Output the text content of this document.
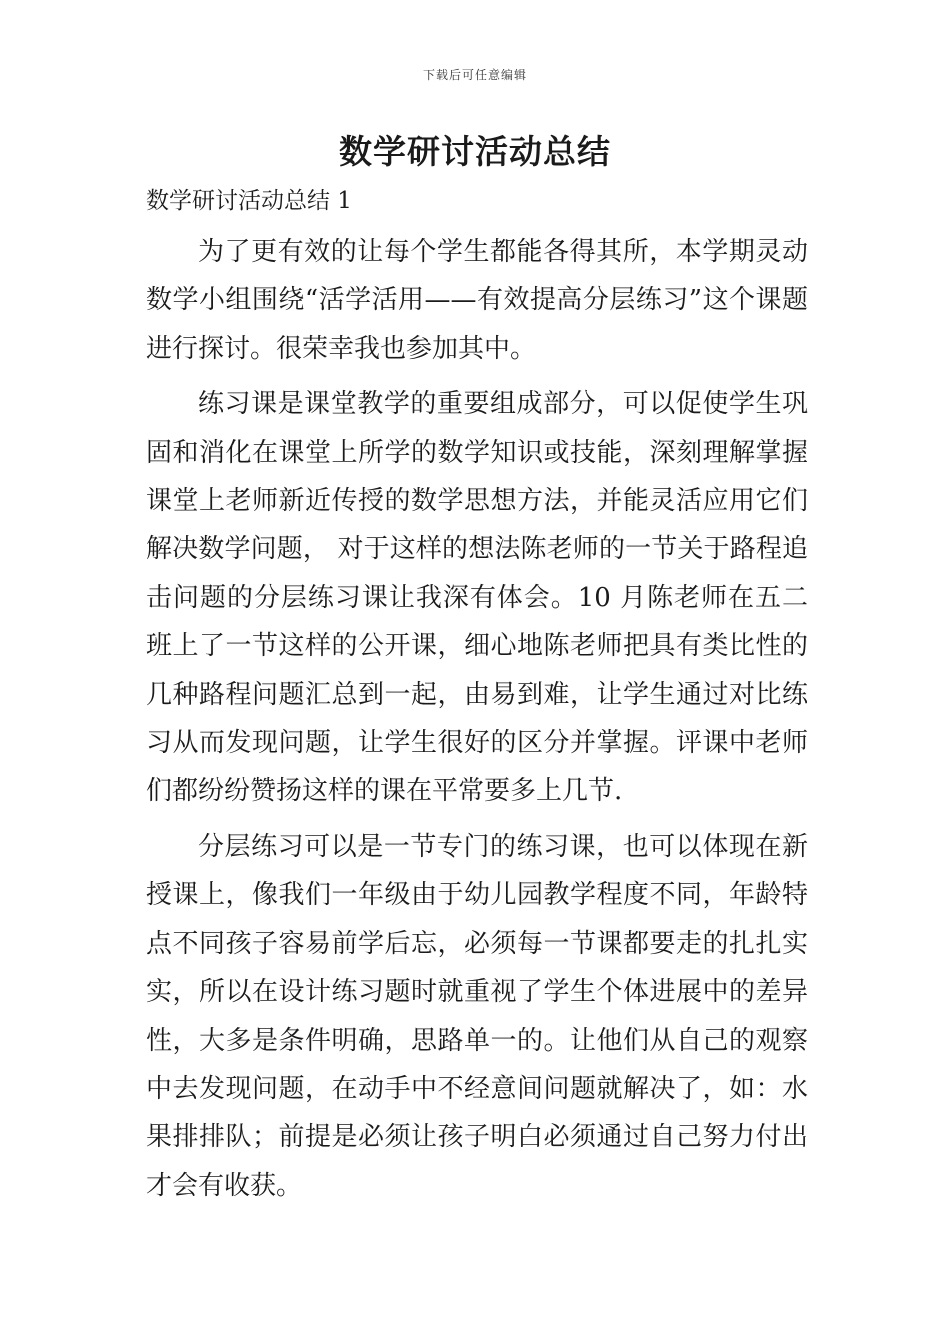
下载后可任意编辑
数学研讨活动总结
数学研讨活动总结 1

为了更有效的让每个学生都能各得其所，本学期灵动数学小组围绕“活学活用——有效提高分层练习”这个课题进行探讨。很荣幸我也参加其中。

练习课是课堂教学的重要组成部分，可以促使学生巩固和消化在课堂上所学的数学知识或技能，深刻理解掌握课堂上老师新近传授的数学思想方法，并能灵活应用它们解决数学问题， 对于这样的想法陈老师的一节关于路程追击问题的分层练习课让我深有体会。10 月陈老师在五二班上了一节这样的公开课，细心地陈老师把具有类比性的几种路程问题汇总到一起，由易到难，让学生通过对比练习从而发现问题，让学生很好的区分并掌握。评课中老师们都纷纷赞扬这样的课在平常要多上几节.

分层练习可以是一节专门的练习课，也可以体现在新授课上，像我们一年级由于幼儿园教学程度不同，年龄特点不同孩子容易前学后忘，必须每一节课都要走的扎扎实实，所以在设计练习题时就重视了学生个体进展中的差异性，大多是条件明确，思路单一的。让他们从自己的观察中去发现问题，在动手中不经意间问题就解决了，如：水果排排队；前提是必须让孩子明白必须通过自己努力付出才会有收获。
